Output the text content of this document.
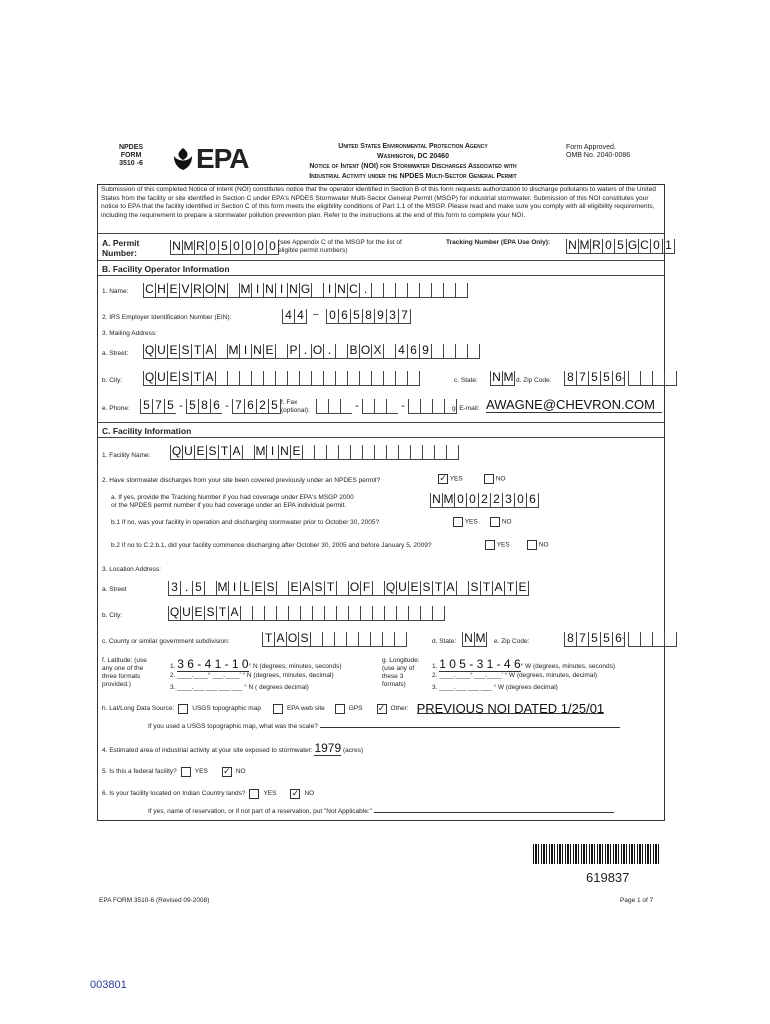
NPDES
FORM
3510 -6 EPA	United States Environmental Protection Agency
Washington, DC 20460
Notice of Intent (NOI) for Stormwater Discharges Associated with
Industrial Activity under the NPDES Multi-Sector General Permit
Form Approved.
OMB No. 2040-0086
Submission of this completed Notice of Intent (NOI) constitutes notice that the operator identified in Section B of this form requests authorization to discharge pollutants to waters of the United States from the facility or site identified in Section C under EPA's NPDES Stormwater Multi-Sector General Permit (MSGP) for industrial stormwater. Submission of this NOI constitutes your notice to EPA that the facility identified in Section C of this form meets the eligibility conditions of Part 1.1 of the MSGP. Please read and make sure you comply with all eligibility requirements, including the requirement to prepare a stormwater pollution prevention plan. Refer to the instructions at the end of this form to complete your NOI.
A. Permit
Number:	N M R 0 5 0 0 0 0 (see Appendix C of the MSGP for the list of
eligible permit numbers)
Tracking Number (EPA Use Only): N M R 0 5 G C 0 1
B. Facility Operator Information
1. Name: C H E V R O N M I N I N G	I N C .
2. IRS Employer Identification Number (EIN):	4 4 – 0 6 5 8 9 3 7
3. Mailing Address:
a. Street: Q U E S T A M I N E P . O .	B O X 4 6 9
b. City: Q U E S T A	c. State: N M d. Zip Code: 8 7 5 5 6 -
e. Phone: 5 7 5 - 5 8 6 - 7 6 2 5 f. Fax
(optional):	-	-	g. E-mail: AWAGNE@CHEVRON.COM
C. Facility Information
1. Facility Name: Q U E S T A M I N E
2. Have stormwater discharges from your site been covered previously under an NPDES permit?	✓ YES	NO
a. If yes, provide the Tracking Number if you had coverage under EPA's MSGP 2000
or the NPDES permit number if you had coverage under an EPA individual permit.	N M 0 0 2 2 3 0 6
b.1 If no, was your facility in operation and discharging stormwater prior to October 30, 2005?	YES	NO
b.2 If no to C.2.b.1, did your facility commence discharging after October 30, 2005 and before January 5, 2009?	YES	NO
3. Location Address:
a. Street	3 . 5 M I L E S E A S T O F Q U E S T A S T A T E
b. City:	Q U E S T A
c. County or similar government subdivision:	T A O S	d. State: N M e. Zip Code:	8 7 5 5 6 -
f. Latitude: (use
any one of the
three formats
provided.)
1. 3 6 - 4 1 - 1 0° N (degrees, minutes, seconds)
2. ____.____° ___.____' ° N (degrees, minutes, decimal)
3. ____.___ ___ ___ ___ ° N ( degrees decimal)
g. Longitude:
(use any of
these 3
formats)
1. 1 0 5 - 3 1 - 4 6° W (degrees, minutes, seconds)
2. ____.____° ___.____' ° W (degrees, minutes, decimal)
3. ____.___ ___ ___ ° W (degrees decimal)
h. Lat/Long Data Source:	USGS topographic map	EPA web site	GPS ✓ Other: PREVIOUS NOI DATED 1/25/01
If you used a USGS topographic map, what was the scale?
4. Estimated area of industrial activity at your site exposed to stormwater: 1979 (acres)
5. Is this a federal facility?	YES ✓ NO
6. Is your facility located on Indian Country lands?	YES ✓ NO
If yes, name of reservation, or if not part of a reservation, put "Not Applicable:"
619837
EPA FORM 3510-6 (Revised 09-2008)	Page 1 of 7
003801
